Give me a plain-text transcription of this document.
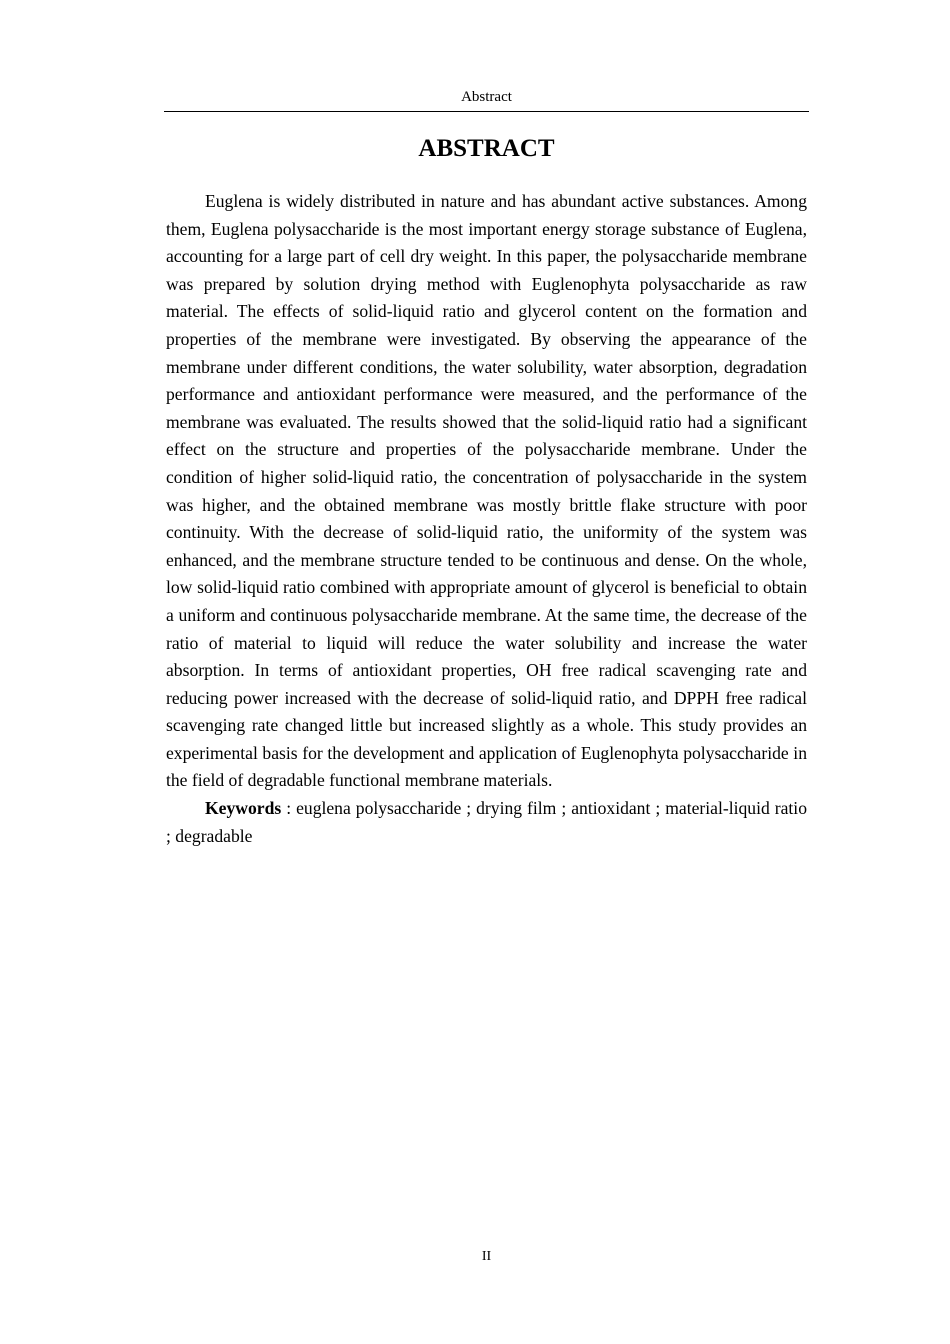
Abstract
ABSTRACT

Euglena is widely distributed in nature and has abundant active substances. Among them, Euglena polysaccharide is the most important energy storage substance of Euglena, accounting for a large part of cell dry weight. In this paper, the polysaccharide membrane was prepared by solution drying method with Euglenophyta polysaccharide as raw material. The effects of solid-liquid ratio and glycerol content on the formation and properties of the membrane were investigated. By observing the appearance of the membrane under different conditions, the water solubility, water absorption, degradation performance and antioxidant performance were measured, and the performance of the membrane was evaluated. The results showed that the solid-liquid ratio had a significant effect on the structure and properties of the polysaccharide membrane. Under the condition of higher solid-liquid ratio, the concentration of polysaccharide in the system was higher, and the obtained membrane was mostly brittle flake structure with poor continuity. With the decrease of solid-liquid ratio, the uniformity of the system was enhanced, and the membrane structure tended to be continuous and dense. On the whole, low solid-liquid ratio combined with appropriate amount of glycerol is beneficial to obtain a uniform and continuous polysaccharide membrane. At the same time, the decrease of the ratio of material to liquid will reduce the water solubility and increase the water absorption. In terms of antioxidant properties, OH free radical scavenging rate and reducing power increased with the decrease of solid-liquid ratio, and DPPH free radical scavenging rate changed little but increased slightly as a whole. This study provides an experimental basis for the development and application of Euglenophyta polysaccharide in the field of degradable functional membrane materials.

Keywords : euglena polysaccharide ; drying film ; antioxidant ; material-liquid ratio ; degradable

II
